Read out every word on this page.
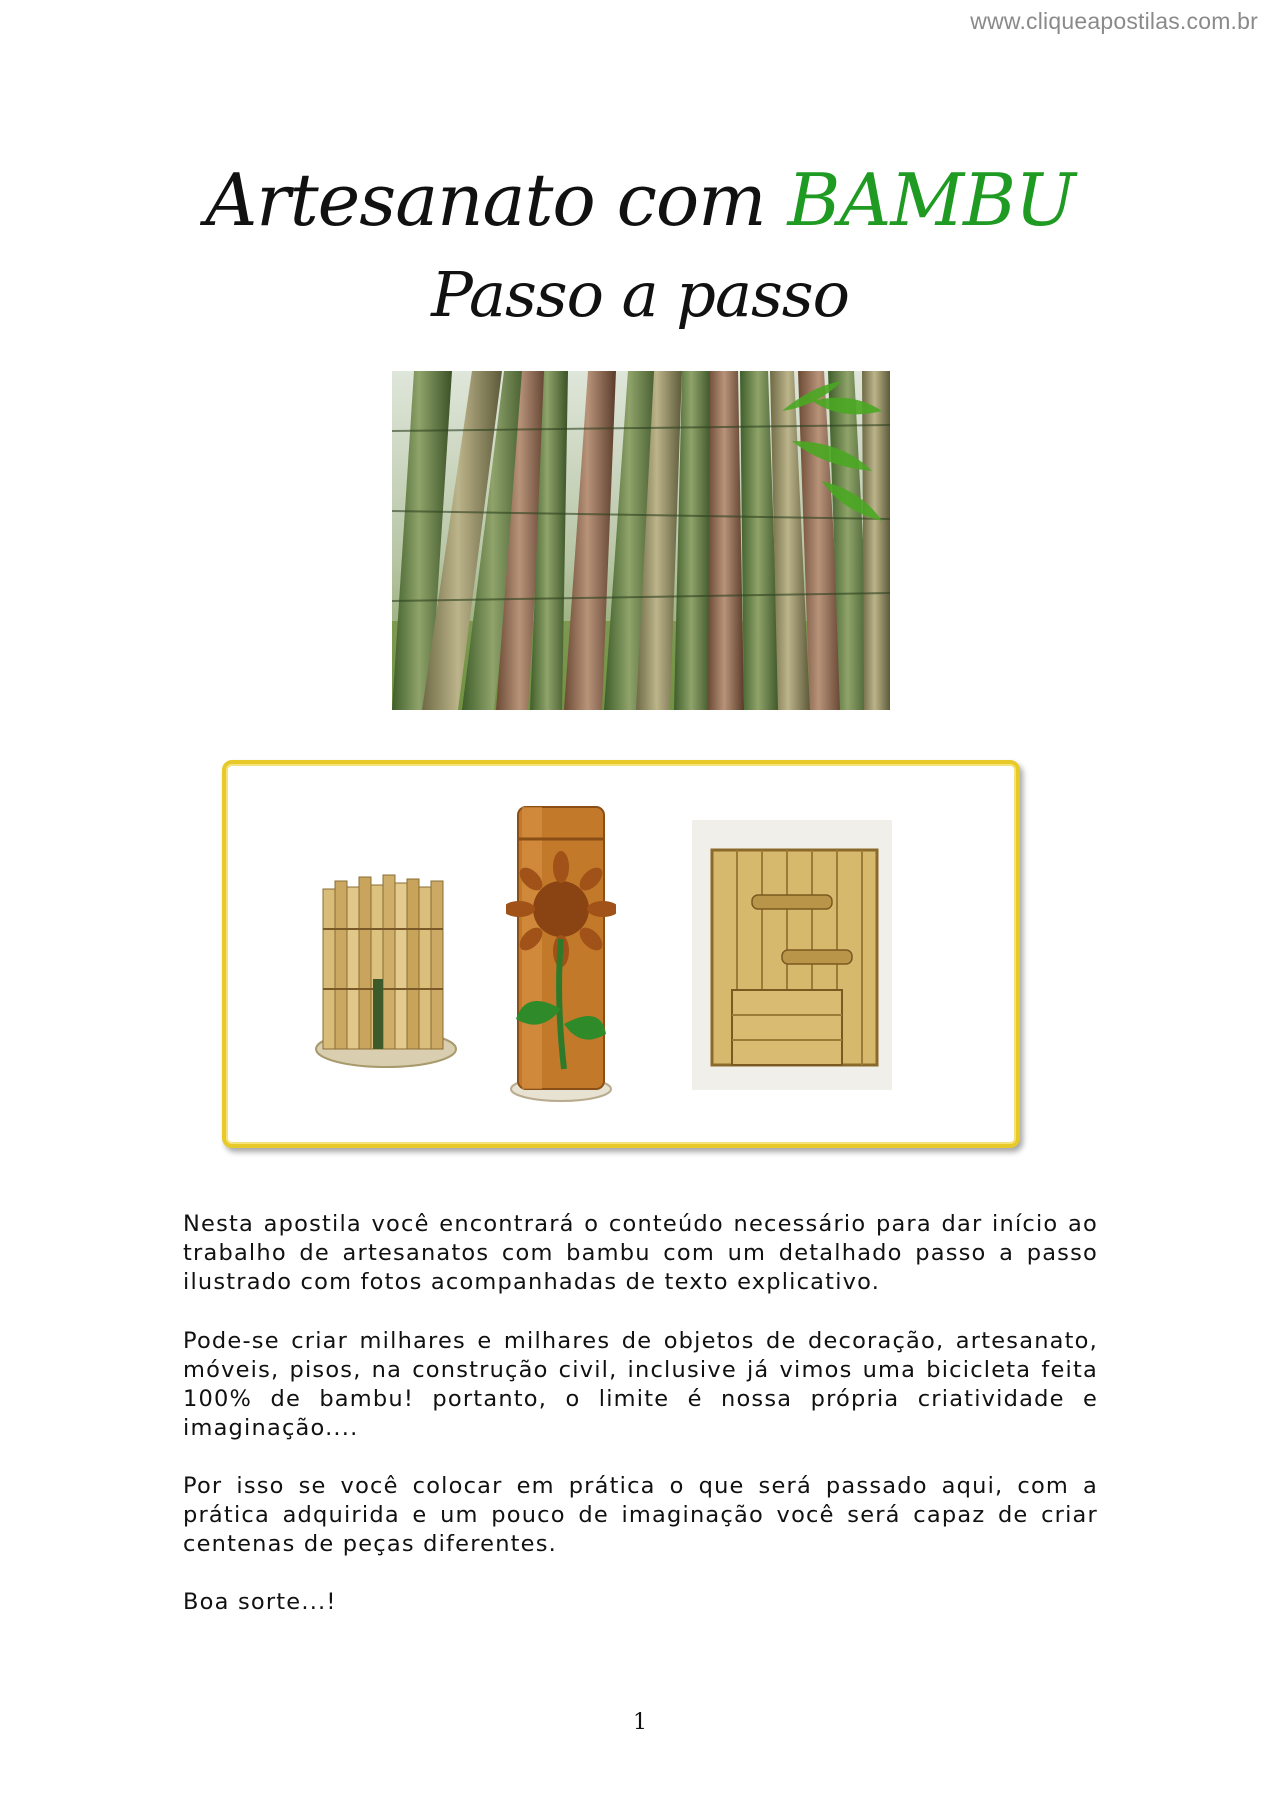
www.cliqueapostilas.com.br
Artesanato com BAMBU
Passo a passo

Nesta apostila você encontrará o conteúdo necessário para dar início ao trabalho de artesanatos com bambu com um detalhado passo a passo ilustrado com fotos acompanhadas de texto explicativo.

Pode-se criar milhares e milhares de objetos de decoração, artesanato, móveis, pisos, na construção civil, inclusive já vimos uma bicicleta feita 100% de bambu! portanto, o limite é nossa própria criatividade e imaginação....

Por isso se você colocar em prática o que será passado aqui, com a prática adquirida e um pouco de imaginação você será capaz de criar centenas de peças diferentes.

Boa sorte...!

1
